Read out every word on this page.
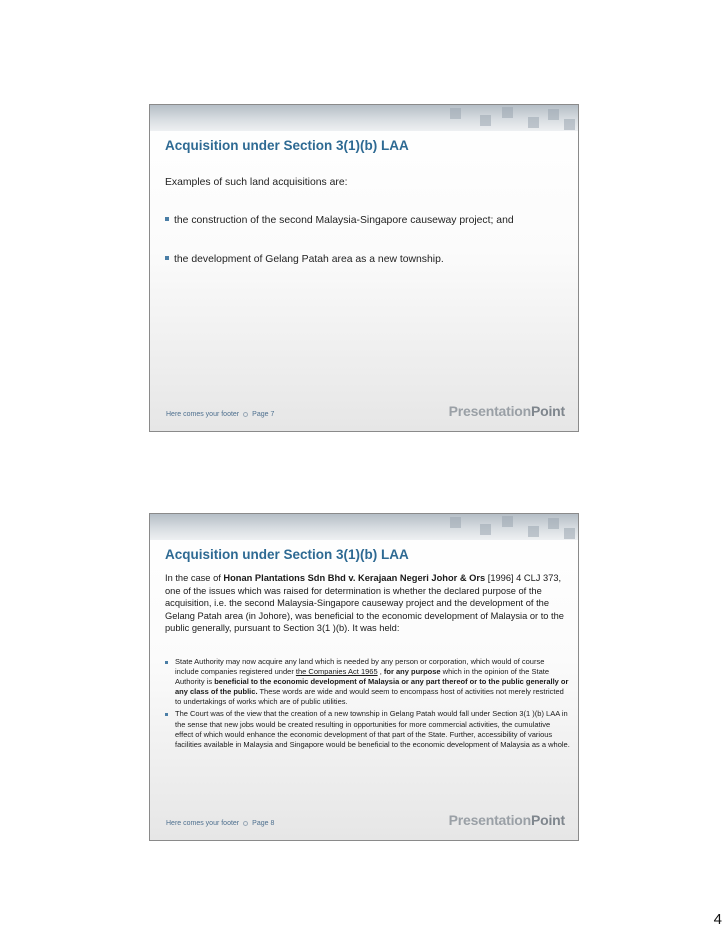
Acquisition under Section 3(1)(b) LAA

Examples of such land acquisitions are:

the construction of the second Malaysia-Singapore causeway project; and

the development of Gelang Patah area as a new township.

Here comes your footer Page 7	PresentationPoint
Acquisition under Section 3(1)(b) LAA

In the case of Honan Plantations Sdn Bhd v. Kerajaan Negeri Johor & Ors [1996] 4 CLJ 373, one of the issues which was raised for determination is whether the declared purpose of the acquisition, i.e. the second Malaysia-Singapore causeway project and the development of the Gelang Patah area (in Johore), was beneficial to the economic development of Malaysia or to the public generally, pursuant to Section 3(1 )(b). It was held:

State Authority may now acquire any land which is needed by any person or corporation, which would of course include companies registered under the Companies Act 1965 , for any purpose which in the opinion of the State Authority is beneficial to the economic development of Malaysia or any part thereof or to the public generally or any class of the public. These words are wide and would seem to encompass host of activities not merely restricted to undertakings of works which are of public utilities.
The Court was of the view that the creation of a new township in Gelang Patah would fall under Section 3(1 )(b) LAA in the sense that new jobs would be created resulting in opportunities for more commercial activities, the cumulative effect of which would enhance the economic development of that part of the State. Further, accessibility of various facilities available in Malaysia and Singapore would be beneficial to the economic development of Malaysia as a whole.
Here comes your footer Page 8	PresentationPoint
4
